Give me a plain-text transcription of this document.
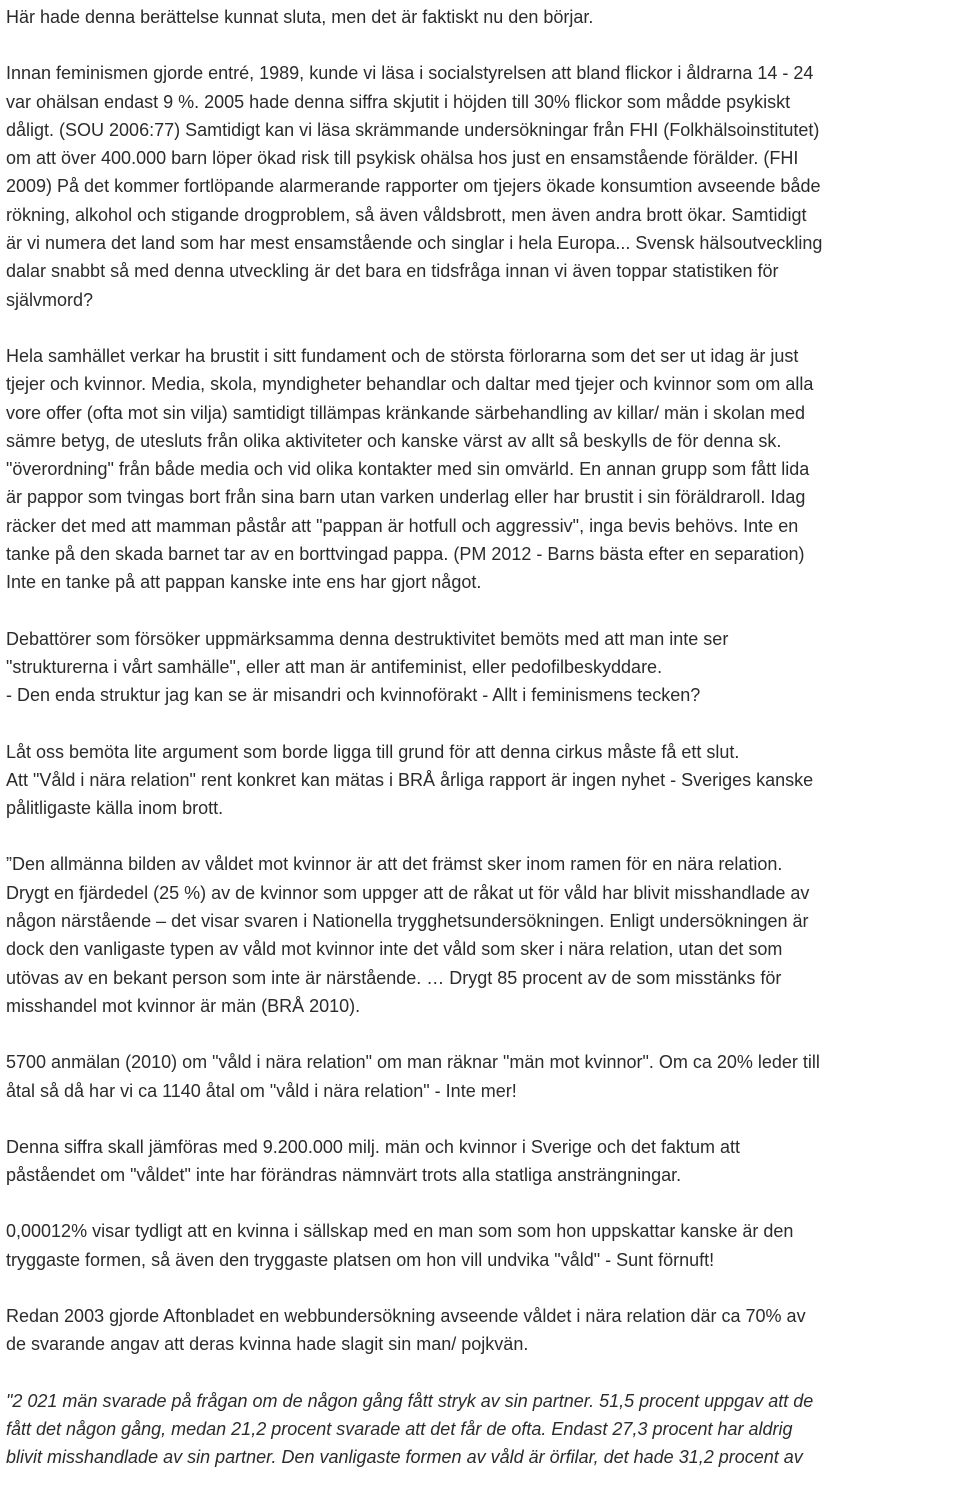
Här hade denna berättelse kunnat sluta, men det är faktiskt nu den börjar.

Innan feminismen gjorde entré, 1989, kunde vi läsa i socialstyrelsen att bland flickor i åldrarna 14 - 24
var ohälsan endast 9 %. 2005 hade denna siffra skjutit i höjden till 30% flickor som mådde psykiskt
dåligt. (SOU 2006:77) Samtidigt kan vi läsa skrämmande undersökningar från FHI (Folkhälsoinstitutet)
om att över 400.000 barn löper ökad risk till psykisk ohälsa hos just en ensamstående förälder. (FHI
2009) På det kommer fortlöpande alarmerande rapporter om tjejers ökade konsumtion avseende både
rökning, alkohol och stigande drogproblem, så även våldsbrott, men även andra brott ökar. Samtidigt
är vi numera det land som har mest ensamstående och singlar i hela Europa... Svensk hälsoutveckling
dalar snabbt så med denna utveckling är det bara en tidsfråga innan vi även toppar statistiken för
självmord?

Hela samhället verkar ha brustit i sitt fundament och de största förlorarna som det ser ut idag är just
tjejer och kvinnor. Media, skola, myndigheter behandlar och daltar med tjejer och kvinnor som om alla
vore offer (ofta mot sin vilja) samtidigt tillämpas kränkande särbehandling av killar/ män i skolan med
sämre betyg, de utesluts från olika aktiviteter och kanske värst av allt så beskylls de för denna sk.
"överordning" från både media och vid olika kontakter med sin omvärld. En annan grupp som fått lida
är pappor som tvingas bort från sina barn utan varken underlag eller har brustit i sin föräldraroll. Idag
räcker det med att mamman påstår att "pappan är hotfull och aggressiv", inga bevis behövs. Inte en
tanke på den skada barnet tar av en borttvingad pappa. (PM 2012 - Barns bästa efter en separation)
Inte en tanke på att pappan kanske inte ens har gjort något.

Debattörer som försöker uppmärksamma denna destruktivitet bemöts med att man inte ser
"strukturerna i vårt samhälle", eller att man är antifeminist, eller pedofilbeskyddare.
- Den enda struktur jag kan se är misandri och kvinnoförakt - Allt i feminismens tecken?

Låt oss bemöta lite argument som borde ligga till grund för att denna cirkus måste få ett slut.
Att "Våld i nära relation" rent konkret kan mätas i BRÅ årliga rapport är ingen nyhet - Sveriges kanske
pålitligaste källa inom brott.

”Den allmänna bilden av våldet mot kvinnor är att det främst sker inom ramen för en nära relation.
Drygt en fjärdedel (25 %) av de kvinnor som uppger att de råkat ut för våld har blivit misshandlade av
någon närstående – det visar svaren i Nationella trygghetsundersökningen. Enligt undersökningen är
dock den vanligaste typen av våld mot kvinnor inte det våld som sker i nära relation, utan det som
utövas av en bekant person som inte är närstående. … Drygt 85 procent av de som misstänks för
misshandel mot kvinnor är män (BRÅ 2010).

5700 anmälan (2010) om "våld i nära relation" om man räknar "män mot kvinnor". Om ca 20% leder till
åtal så då har vi ca 1140 åtal om "våld i nära relation" - Inte mer!

Denna siffra skall jämföras med 9.200.000 milj. män och kvinnor i Sverige och det faktum att
påståendet om "våldet" inte har förändras nämnvärt trots alla statliga ansträngningar.

0,00012% visar tydligt att en kvinna i sällskap med en man som som hon uppskattar kanske är den
tryggaste formen, så även den tryggaste platsen om hon vill undvika "våld" - Sunt förnuft!

Redan 2003 gjorde Aftonbladet en webbundersökning avseende våldet i nära relation där ca 70% av
de svarande angav att deras kvinna hade slagit sin man/ pojkvän.

"2 021 män svarade på frågan om de någon gång fått stryk av sin partner. 51,5 procent uppgav att de
fått det någon gång, medan 21,2 procent svarade att det får de ofta. Endast 27,3 procent har aldrig
blivit misshandlade av sin partner. Den vanligaste formen av våld är örfilar, det hade 31,2 procent av
